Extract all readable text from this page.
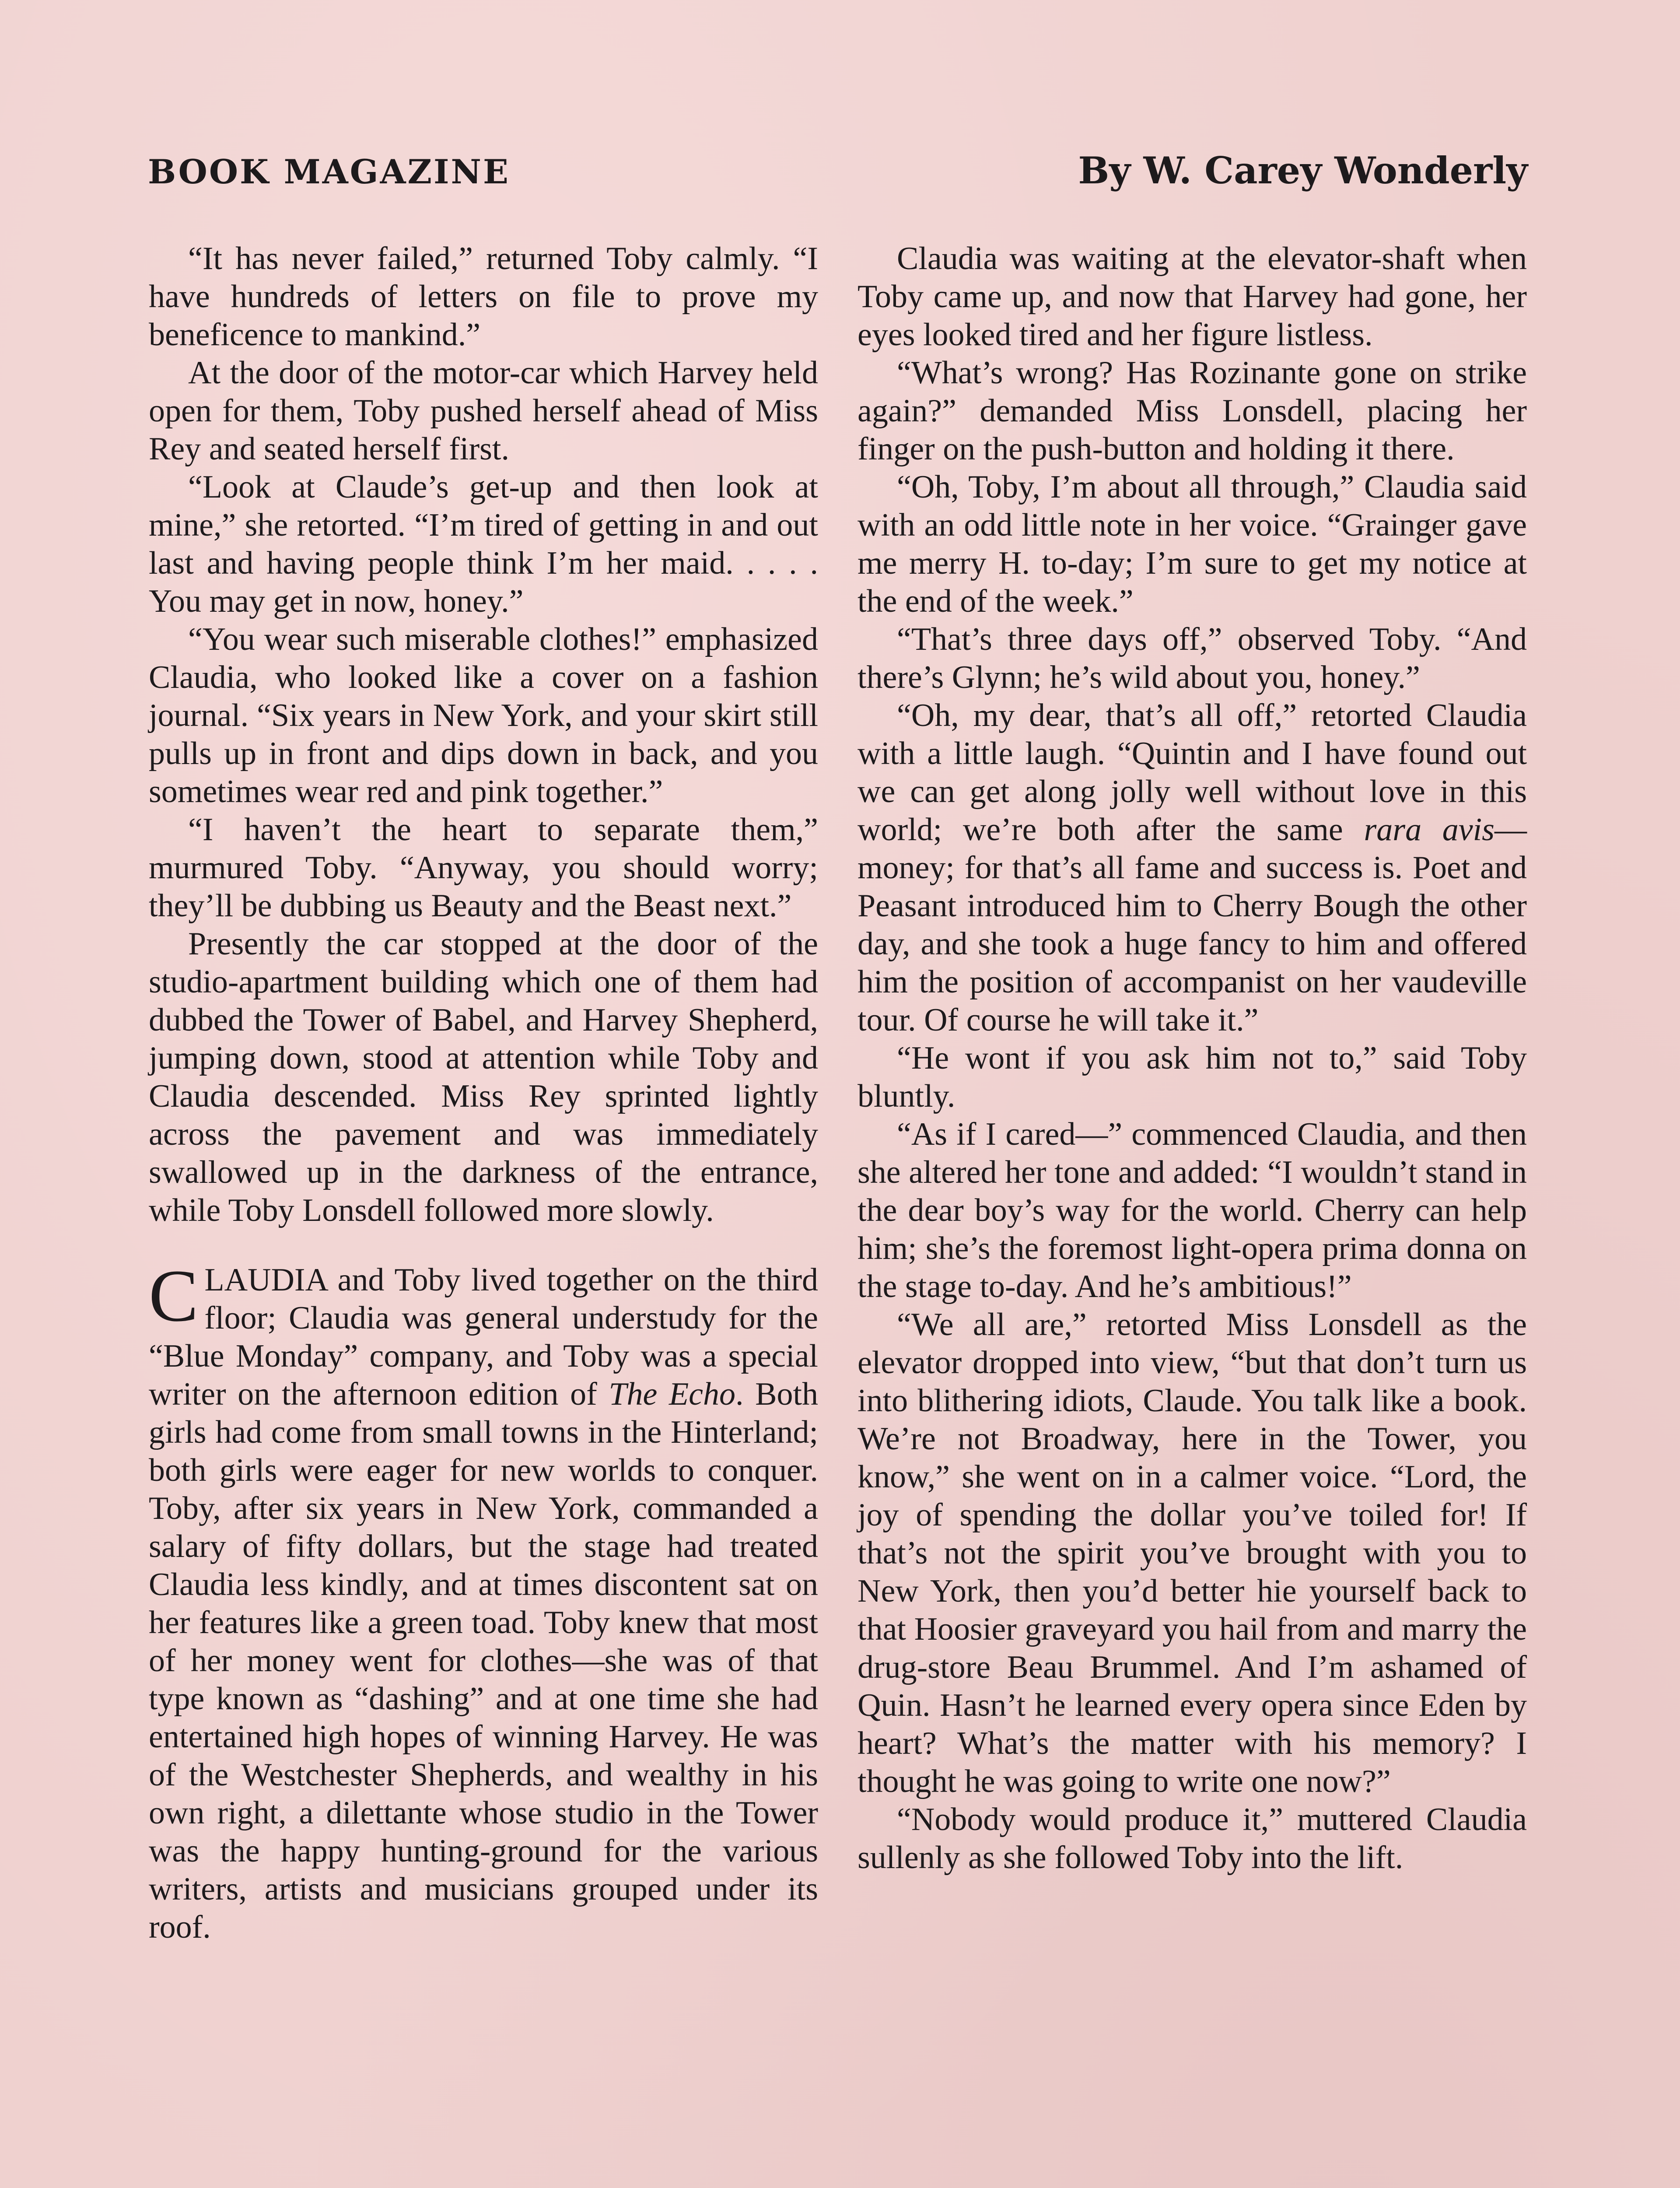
BOOK MAGAZINE	By W. Carey Wonderly

“It has never failed,” returned Toby calmly. “I have hundreds of letters on file to prove my beneficence to mankind.”

At the door of the motor-car which Harvey held open for them, Toby pushed herself ahead of Miss Rey and seated herself first.

“Look at Claude’s get-up and then look at mine,” she retorted. “I’m tired of getting in and out last and having people think I’m her maid. . . . . You may get in now, honey.”

“You wear such miserable clothes!” emphasized Claudia, who looked like a cover on a fashion journal. “Six years in New York, and your skirt still pulls up in front and dips down in back, and you sometimes wear red and pink together.”

“I haven’t the heart to separate them,” murmured Toby. “Anyway, you should worry; they’ll be dubbing us Beauty and the Beast next.”

Presently the car stopped at the door of the studio-apartment building which one of them had dubbed the Tower of Babel, and Harvey Shepherd, jumping down, stood at attention while Toby and Claudia descended. Miss Rey sprinted lightly across the pavement and was immediately swallowed up in the darkness of the entrance, while Toby Lonsdell followed more slowly.

CLAUDIA and Toby lived together on the third floor; Claudia was general understudy for the “Blue Monday” company, and Toby was a special writer on the afternoon edition of The Echo. Both girls had come from small towns in the Hinterland; both girls were eager for new worlds to conquer. Toby, after six years in New York, commanded a salary of fifty dollars, but the stage had treated Claudia less kindly, and at times discontent sat on her features like a green toad. Toby knew that most of her money went for clothes—she was of that type known as “dashing” and at one time she had entertained high hopes of winning Harvey. He was of the Westchester Shepherds, and wealthy in his own right, a dilettante whose studio in the Tower was the happy hunting-ground for the various writers, artists and musicians grouped under its roof.

Claudia was waiting at the elevator-shaft when Toby came up, and now that Harvey had gone, her eyes looked tired and her figure listless.

“What’s wrong? Has Rozinante gone on strike again?” demanded Miss Lonsdell, placing her finger on the push-button and holding it there.

“Oh, Toby, I’m about all through,” Claudia said with an odd little note in her voice. “Grainger gave me merry H. to-day; I’m sure to get my notice at the end of the week.”

“That’s three days off,” observed Toby. “And there’s Glynn; he’s wild about you, honey.”

“Oh, my dear, that’s all off,” retorted Claudia with a little laugh. “Quintin and I have found out we can get along jolly well without love in this world; we’re both after the same rara avis—money; for that’s all fame and success is. Poet and Peasant introduced him to Cherry Bough the other day, and she took a huge fancy to him and offered him the position of accompanist on her vaudeville tour. Of course he will take it.”

“He wont if you ask him not to,” said Toby bluntly.

“As if I cared—” commenced Claudia, and then she altered her tone and added: “I wouldn’t stand in the dear boy’s way for the world. Cherry can help him; she’s the foremost light-opera prima donna on the stage to-day. And he’s ambitious!”

“We all are,” retorted Miss Lonsdell as the elevator dropped into view, “but that don’t turn us into blithering idiots, Claude. You talk like a book. We’re not Broadway, here in the Tower, you know,” she went on in a calmer voice. “Lord, the joy of spending the dollar you’ve toiled for! If that’s not the spirit you’ve brought with you to New York, then you’d better hie yourself back to that Hoosier graveyard you hail from and marry the drug-store Beau Brummel. And I’m ashamed of Quin. Hasn’t he learned every opera since Eden by heart? What’s the matter with his memory? I thought he was going to write one now?”

“Nobody would produce it,” muttered Claudia sullenly as she followed Toby into the lift.
